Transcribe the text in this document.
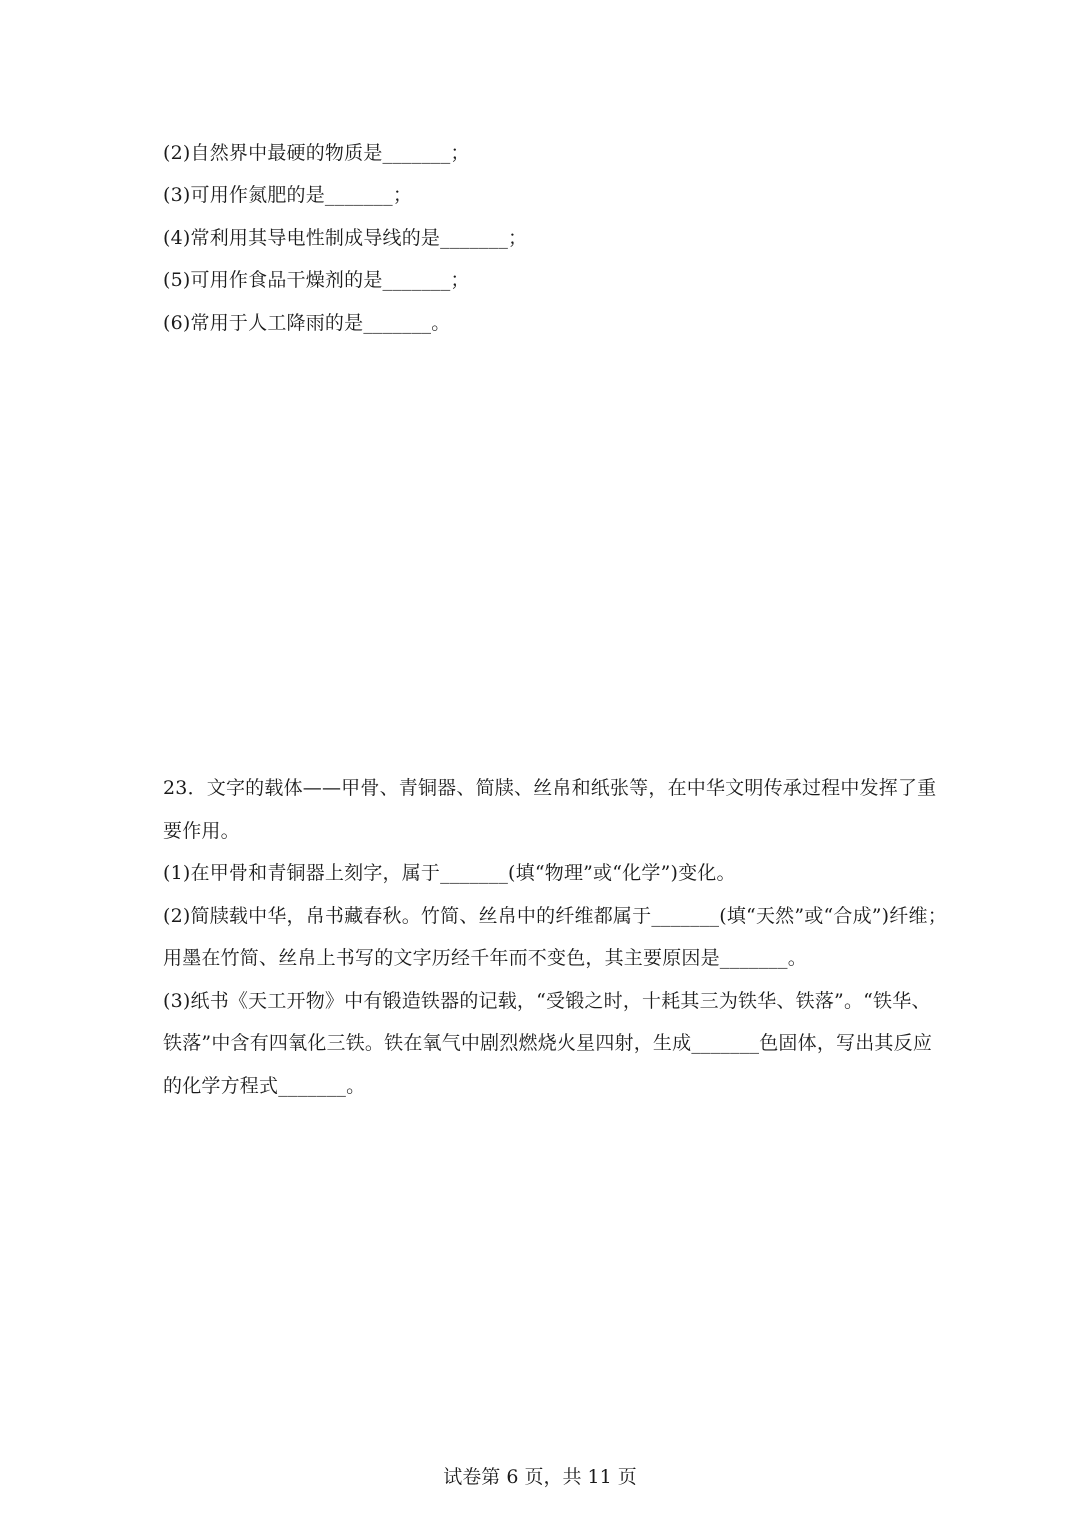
(2)自然界中最硬的物质是_______；
(3)可用作氮肥的是_______；
(4)常利用其导电性制成导线的是_______；
(5)可用作食品干燥剂的是_______；
(6)常用于人工降雨的是_______。
23．文字的载体——甲骨、青铜器、简牍、丝帛和纸张等，在中华文明传承过程中发挥了重
要作用。
(1)在甲骨和青铜器上刻字，属于_______(填“物理”或“化学”)变化。
(2)简牍载中华，帛书藏春秋。竹简、丝帛中的纤维都属于_______(填“天然”或“合成”)纤维；
用墨在竹简、丝帛上书写的文字历经千年而不变色，其主要原因是_______。
(3)纸书《天工开物》中有锻造铁器的记载，“受锻之时，十耗其三为铁华、铁落”。“铁华、
铁落”中含有四氧化三铁。铁在氧气中剧烈燃烧火星四射，生成_______色固体，写出其反应
的化学方程式_______。
试卷第 6 页，共 11 页
